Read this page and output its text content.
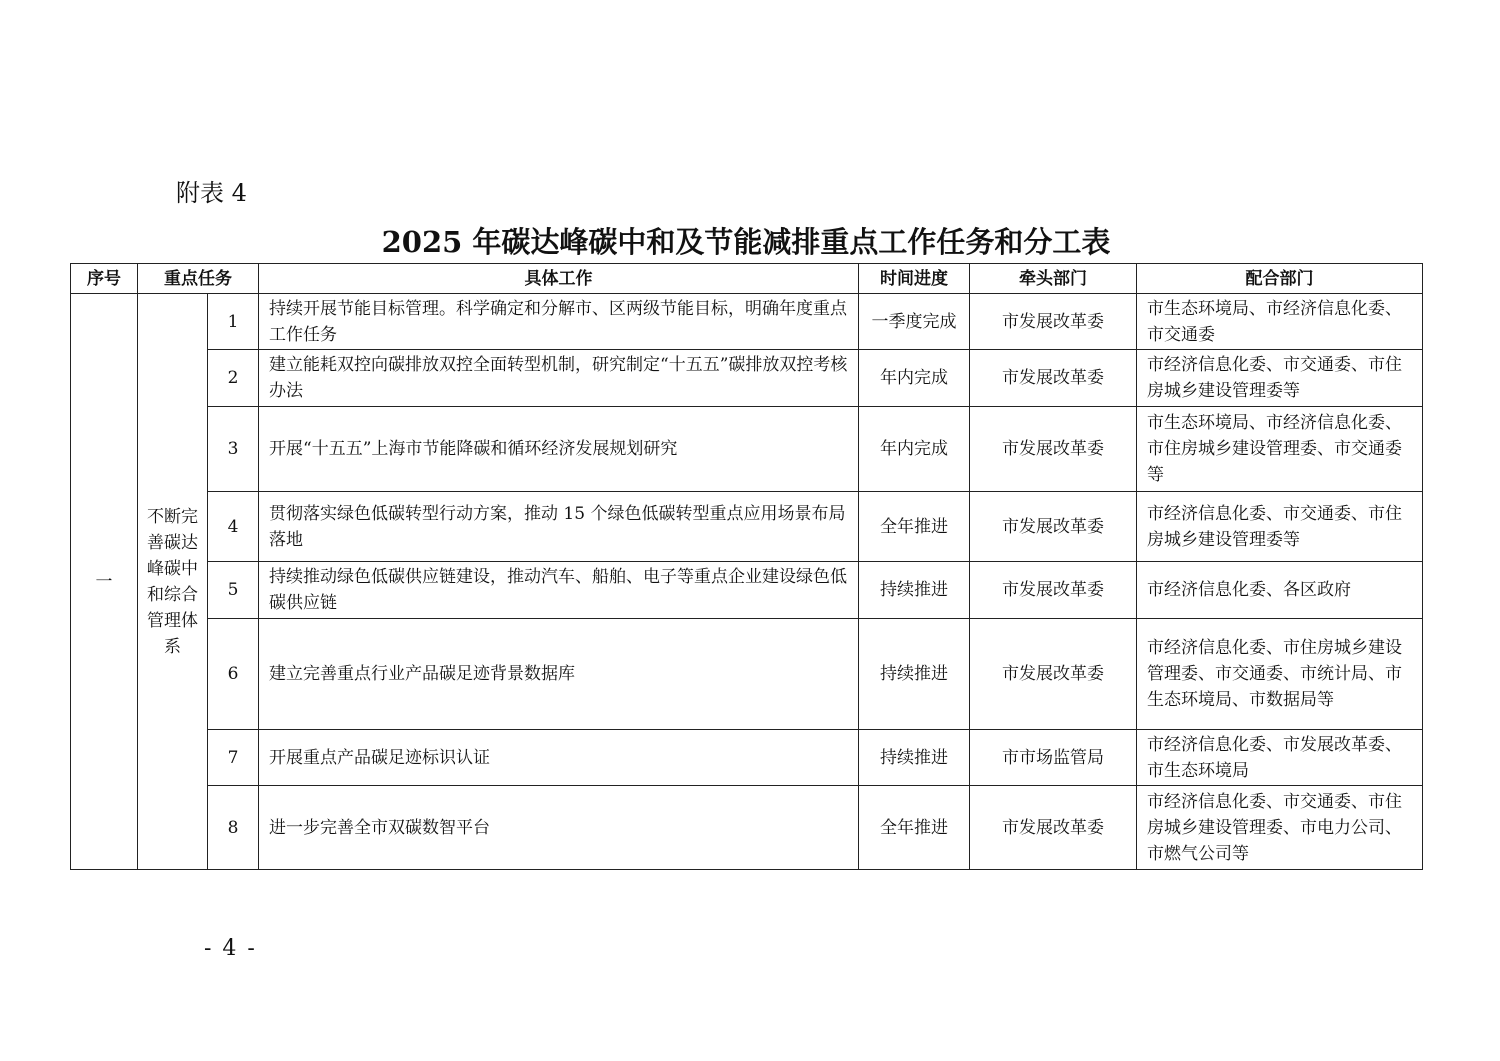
附表 4
2025 年碳达峰碳中和及节能减排重点工作任务和分工表
序号	重点任务		具体工作	时间进度	牵头部门	配合部门
一	不断完善碳达峰碳中和综合管理体系	1	持续开展节能目标管理。科学确定和分解市、区两级节能目标，明确年度重点工作任务	一季度完成	市发展改革委	市生态环境局、市经济信息化委、市交通委
		2	建立能耗双控向碳排放双控全面转型机制，研究制定“十五五”碳排放双控考核办法	年内完成	市发展改革委	市经济信息化委、市交通委、市住房城乡建设管理委等
		3	开展“十五五”上海市节能降碳和循环经济发展规划研究	年内完成	市发展改革委	市生态环境局、市经济信息化委、市住房城乡建设管理委、市交通委等
		4	贯彻落实绿色低碳转型行动方案，推动 15 个绿色低碳转型重点应用场景布局落地	全年推进	市发展改革委	市经济信息化委、市交通委、市住房城乡建设管理委等
		5	持续推动绿色低碳供应链建设，推动汽车、船舶、电子等重点企业建设绿色低碳供应链	持续推进	市发展改革委	市经济信息化委、各区政府
		6	建立完善重点行业产品碳足迹背景数据库	持续推进	市发展改革委	市经济信息化委、市住房城乡建设管理委、市交通委、市统计局、市生态环境局、市数据局等
		7	开展重点产品碳足迹标识认证	持续推进	市市场监管局	市经济信息化委、市发展改革委、市生态环境局
		8	进一步完善全市双碳数智平台	全年推进	市发展改革委	市经济信息化委、市交通委、市住房城乡建设管理委、市电力公司、市燃气公司等
- 4 -
